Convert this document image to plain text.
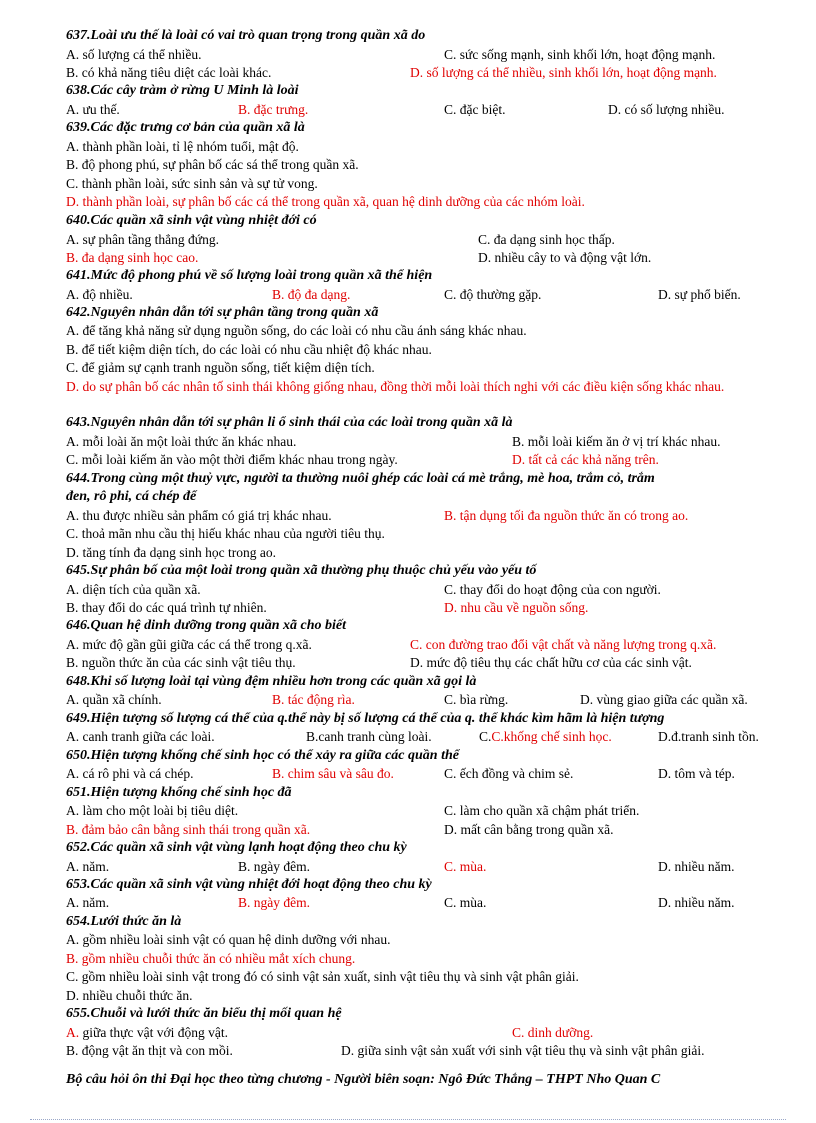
637.Loài ưu thế là loài có vai trò quan trọng trong quần xã do
A. số lượng cá thể nhiều.	C. sức sống mạnh, sinh khối lớn, hoạt động mạnh.
B. có khả năng tiêu diệt các loài khác.	D. số lượng cá thể nhiều, sinh khối lớn, hoạt động mạnh.
638.Các cây tràm ở rừng U Minh là loài
A. ưu thế.	B. đặc trưng.	C. đặc biệt.	D. có số lượng nhiều.
639.Các đặc trưng cơ bản của quần xã là
A. thành phần loài, tỉ lệ nhóm tuổi, mật độ.
B. độ phong phú, sự phân bố các sá thể trong quần xã.
C. thành phần loài, sức sinh sản và sự tử vong.
D. thành phần loài, sự phân bố các cá thể trong quần xã, quan hệ dinh dưỡng của các nhóm loài.
640.Các quần xã sinh vật vùng nhiệt đới có
A. sự phân tầng thẳng đứng.	C. đa dạng sinh học thấp.
B. đa dạng sinh học cao.	D. nhiều cây to và động vật lớn.
641.Mức độ phong phú về số lượng loài trong quần xã thể hiện
A. độ nhiều.	B. độ đa dạng.	C. độ thường gặp.	D. sự phổ biến.
642.Nguyên nhân dẫn tới sự phân tầng trong quần xã
A. để tăng khả năng sử dụng nguồn sống, do các loài có nhu cầu ánh sáng khác nhau.
B. để tiết kiệm diện tích, do các loài có nhu cầu nhiệt độ khác nhau.
C. để giảm sự cạnh tranh nguồn sống, tiết kiệm diện tích.
D. do sự phân bố các nhân tố sinh thái không giống nhau, đồng thời mỗi loài thích nghi với các điều kiện sống khác nhau.
643.Nguyên nhân dẫn tới sự phân li ổ sinh thái của các loài trong quần xã là
A. mỗi loài ăn một loài thức ăn khác nhau.	B. mỗi loài kiếm ăn ở vị trí khác nhau.
C. mỗi loài kiếm ăn vào một thời điểm khác nhau trong ngày.	D. tất cả các khả năng trên.
644.Trong cùng một thuỷ vực, người ta thường nuôi ghép các loài cá mè trắng, mè hoa, trắm cỏ, trắm
đen, rô phi, cá chép để
A. thu được nhiều sản phẩm có giá trị khác nhau.	B. tận dụng tối đa nguồn thức ăn có trong ao.
C. thoả mãn nhu cầu thị hiếu khác nhau của người tiêu thụ.
D. tăng tính đa dạng sinh học trong ao.
645.Sự phân bố của một loài trong quần xã thường phụ thuộc chủ yếu vào yếu tố
A. diện tích của quần xã.	C. thay đổi do hoạt động của con người.
B. thay đổi do các quá trình tự nhiên.	D. nhu cầu về nguồn sống.
646.Quan hệ dinh dưỡng trong quần xã cho biết
A. mức độ gần gũi giữa các cá thể trong q.xã.	C. con đường trao đổi vật chất và năng lượng trong q.xã.
B. nguồn thức ăn của các sinh vật tiêu thụ.	D. mức độ tiêu thụ các chất hữu cơ của các sinh vật.
648.Khi số lượng loài tại vùng đệm nhiều hơn trong các quần xã gọi là
A. quần xã chính.	B. tác động rìa.	C. bìa rừng.	D. vùng giao giữa các quần xã.
649.Hiện tượng số lượng cá thể của q.thể này bị số lượng cá thể của q. thể khác kìm hãm là hiện tượng
A. canh tranh giữa các loài.	B.canh tranh cùng loài.	C.C.khống chế sinh học.	D.đ.tranh sinh tồn.
650.Hiện tượng khống chế sinh học có thể xảy ra giữa các quần thể
A. cá rô phi và cá chép.	B. chim sâu và sâu đo.	C. ếch đồng và chim sẻ.	D. tôm và tép.
651.Hiện tượng khống chế sinh học đã
A. làm cho một loài bị tiêu diệt.	C. làm cho quần xã chậm phát triển.
B. đảm bảo cân bằng sinh thái trong quần xã.	D. mất cân bằng trong quần xã.
652.Các quần xã sinh vật vùng lạnh hoạt động theo chu kỳ
A. năm.	B. ngày đêm.	C. mùa.	D. nhiều năm.
653.Các quần xã sinh vật vùng nhiệt đới hoạt động theo chu kỳ
A. năm.	B. ngày đêm.	C. mùa.	D. nhiều năm.
654.Lưới thức ăn là
A. gồm nhiều loài sinh vật có quan hệ dinh dưỡng với nhau.
B. gồm nhiều chuỗi thức ăn có nhiều mắt xích chung.
C. gồm nhiều loài sinh vật trong đó có sinh vật sản xuất, sinh vật tiêu thụ và sinh vật phân giải.
D. nhiều chuỗi thức ăn.
655.Chuỗi và lưới thức ăn biểu thị mối quan hệ
A. giữa thực vật với động vật.	C. dinh dưỡng.
B. động vật ăn thịt và con mồi.	D. giữa sinh vật sản xuất với sinh vật tiêu thụ và sinh vật phân giải.
Bộ câu hỏi ôn thi Đại học theo từng chương - Người biên soạn: Ngô Đức Thắng – THPT Nho Quan C
